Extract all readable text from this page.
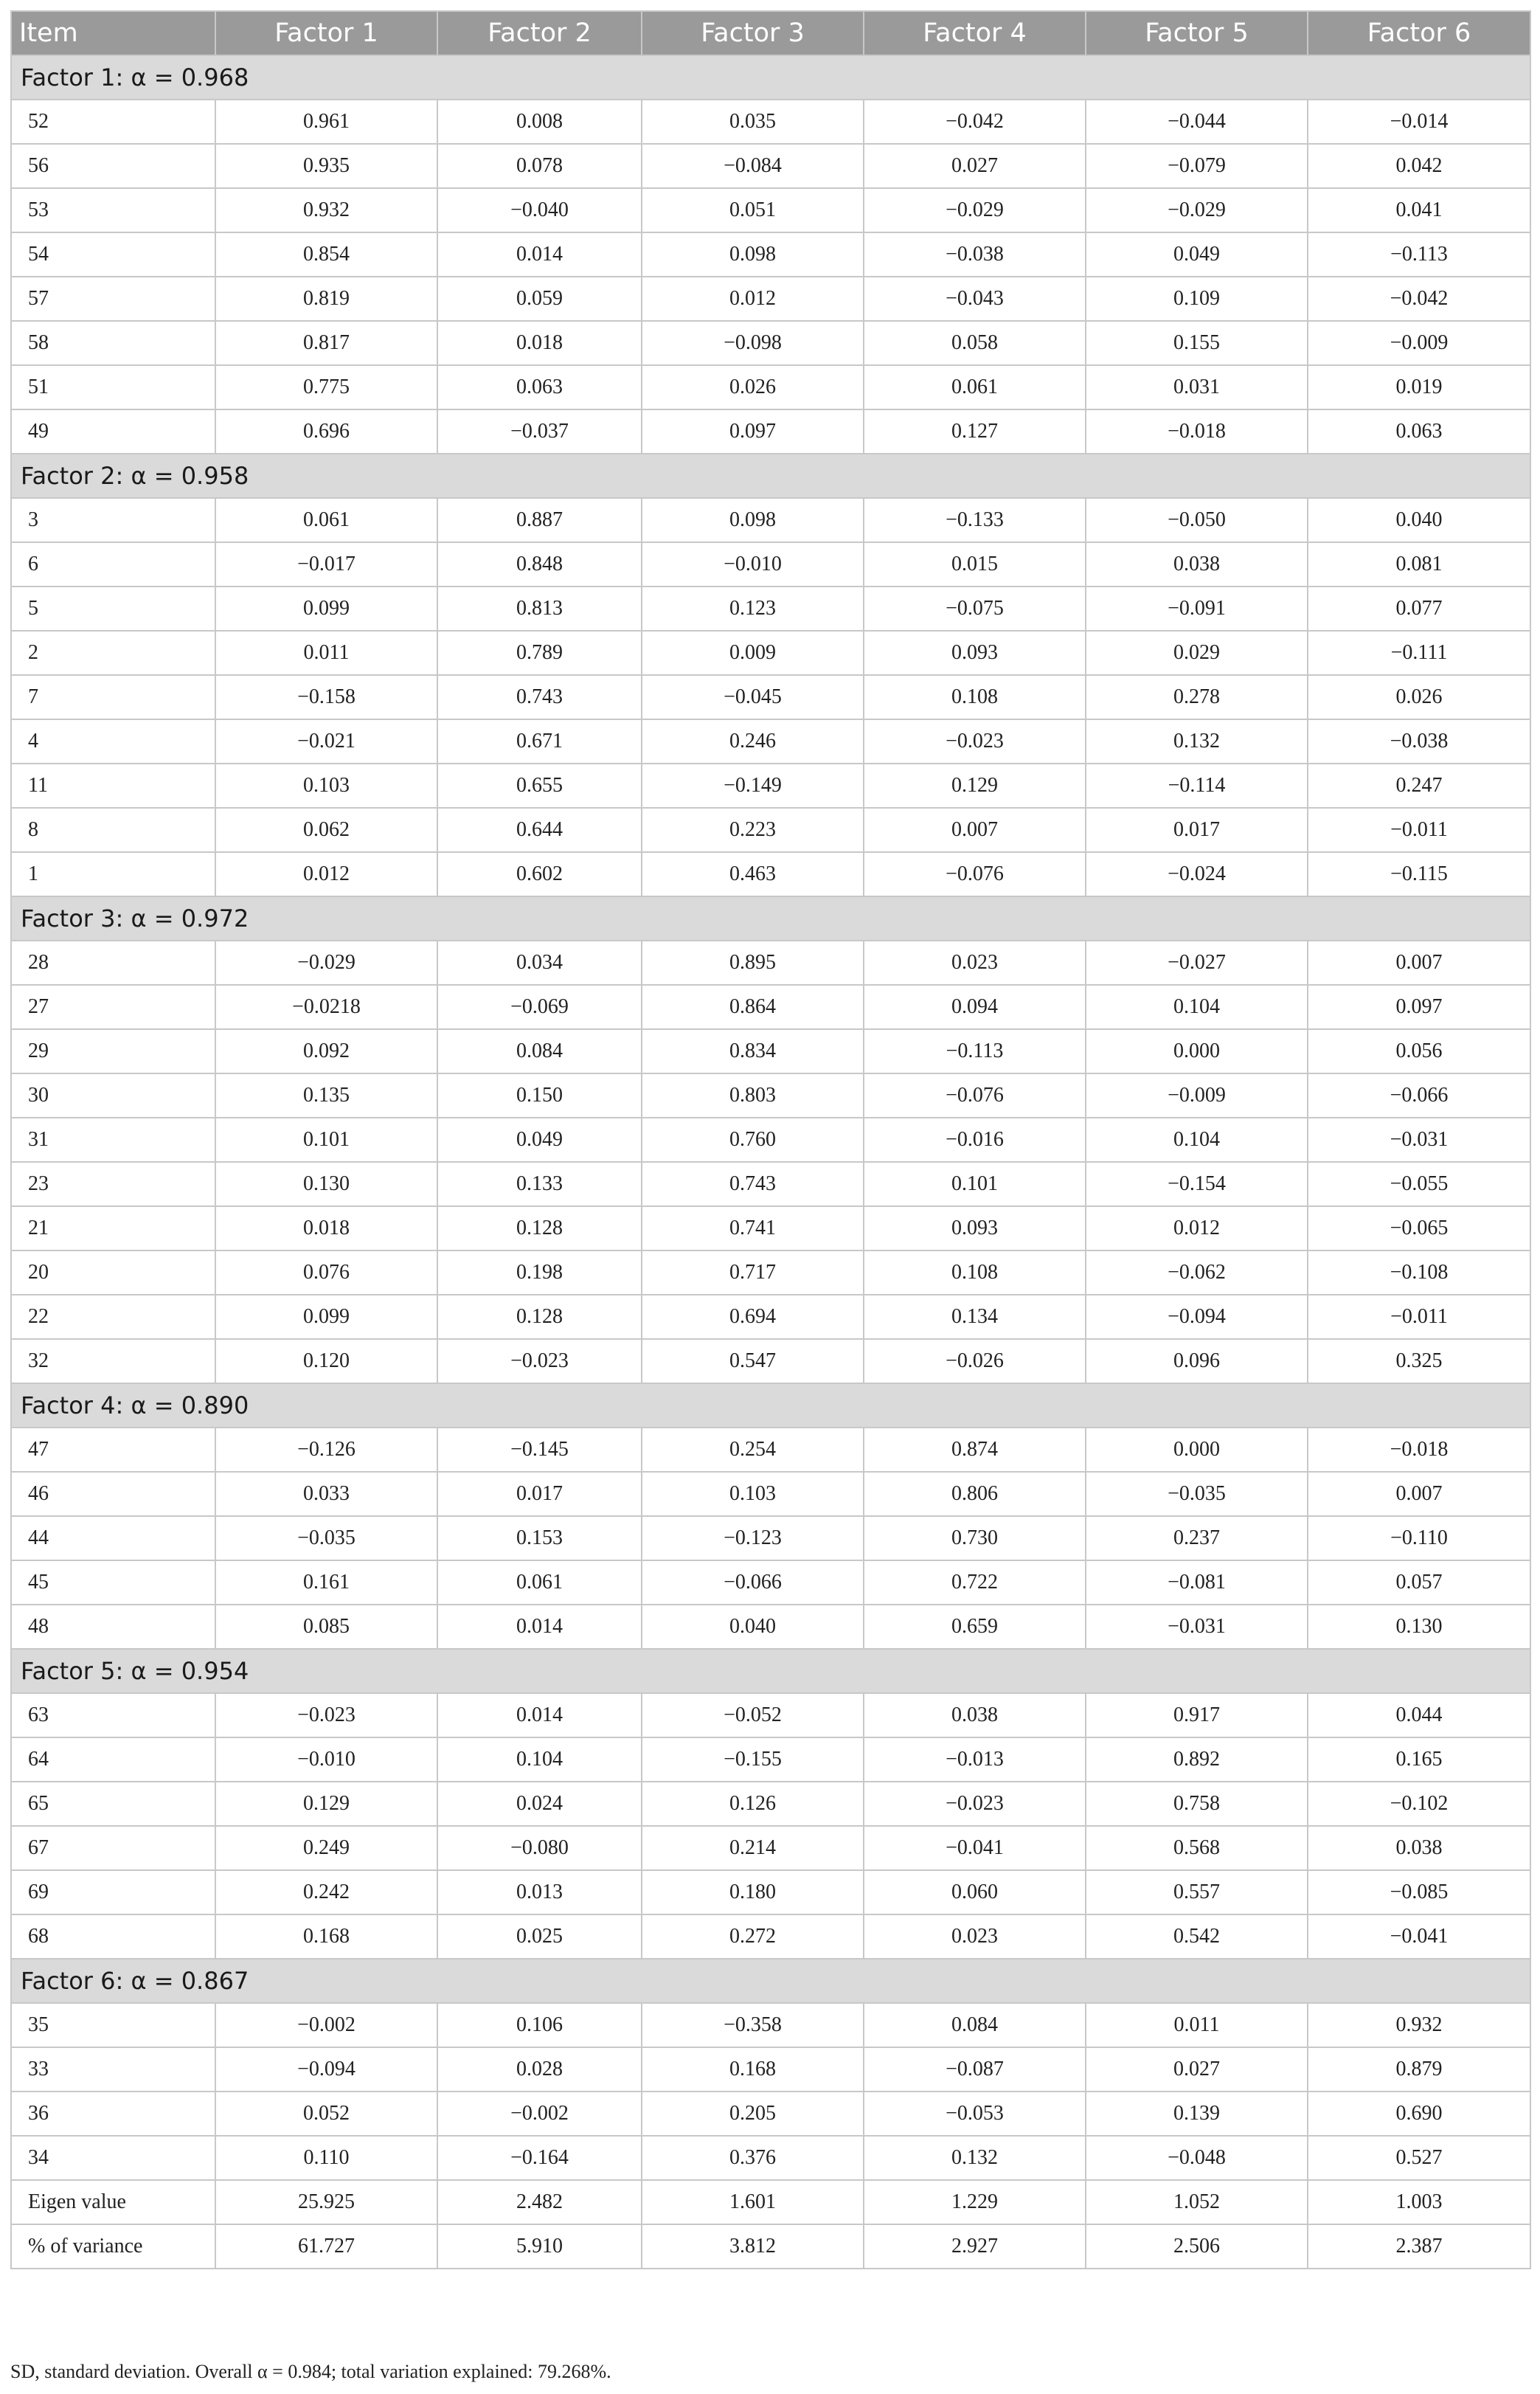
Item	Factor 1	Factor 2	Factor 3	Factor 4	Factor 5	Factor 6
Factor 1: α = 0.968						
52	0.961	0.008	0.035	−0.042	−0.044	−0.014
56	0.935	0.078	−0.084	0.027	−0.079	0.042
53	0.932	−0.040	0.051	−0.029	−0.029	0.041
54	0.854	0.014	0.098	−0.038	0.049	−0.113
57	0.819	0.059	0.012	−0.043	0.109	−0.042
58	0.817	0.018	−0.098	0.058	0.155	−0.009
51	0.775	0.063	0.026	0.061	0.031	0.019
49	0.696	−0.037	0.097	0.127	−0.018	0.063
Factor 2: α = 0.958						
3	0.061	0.887	0.098	−0.133	−0.050	0.040
6	−0.017	0.848	−0.010	0.015	0.038	0.081
5	0.099	0.813	0.123	−0.075	−0.091	0.077
2	0.011	0.789	0.009	0.093	0.029	−0.111
7	−0.158	0.743	−0.045	0.108	0.278	0.026
4	−0.021	0.671	0.246	−0.023	0.132	−0.038
11	0.103	0.655	−0.149	0.129	−0.114	0.247
8	0.062	0.644	0.223	0.007	0.017	−0.011
1	0.012	0.602	0.463	−0.076	−0.024	−0.115
Factor 3: α = 0.972						
28	−0.029	0.034	0.895	0.023	−0.027	0.007
27	−0.0218	−0.069	0.864	0.094	0.104	0.097
29	0.092	0.084	0.834	−0.113	0.000	0.056
30	0.135	0.150	0.803	−0.076	−0.009	−0.066
31	0.101	0.049	0.760	−0.016	0.104	−0.031
23	0.130	0.133	0.743	0.101	−0.154	−0.055
21	0.018	0.128	0.741	0.093	0.012	−0.065
20	0.076	0.198	0.717	0.108	−0.062	−0.108
22	0.099	0.128	0.694	0.134	−0.094	−0.011
32	0.120	−0.023	0.547	−0.026	0.096	0.325
Factor 4: α = 0.890						
47	−0.126	−0.145	0.254	0.874	0.000	−0.018
46	0.033	0.017	0.103	0.806	−0.035	0.007
44	−0.035	0.153	−0.123	0.730	0.237	−0.110
45	0.161	0.061	−0.066	0.722	−0.081	0.057
48	0.085	0.014	0.040	0.659	−0.031	0.130
Factor 5: α = 0.954						
63	−0.023	0.014	−0.052	0.038	0.917	0.044
64	−0.010	0.104	−0.155	−0.013	0.892	0.165
65	0.129	0.024	0.126	−0.023	0.758	−0.102
67	0.249	−0.080	0.214	−0.041	0.568	0.038
69	0.242	0.013	0.180	0.060	0.557	−0.085
68	0.168	0.025	0.272	0.023	0.542	−0.041
Factor 6: α = 0.867						
35	−0.002	0.106	−0.358	0.084	0.011	0.932
33	−0.094	0.028	0.168	−0.087	0.027	0.879
36	0.052	−0.002	0.205	−0.053	0.139	0.690
34	0.110	−0.164	0.376	0.132	−0.048	0.527
Eigen value	25.925	2.482	1.601	1.229	1.052	1.003
% of variance	61.727	5.910	3.812	2.927	2.506	2.387
SD, standard deviation. Overall α = 0.984; total variation explained: 79.268%.
